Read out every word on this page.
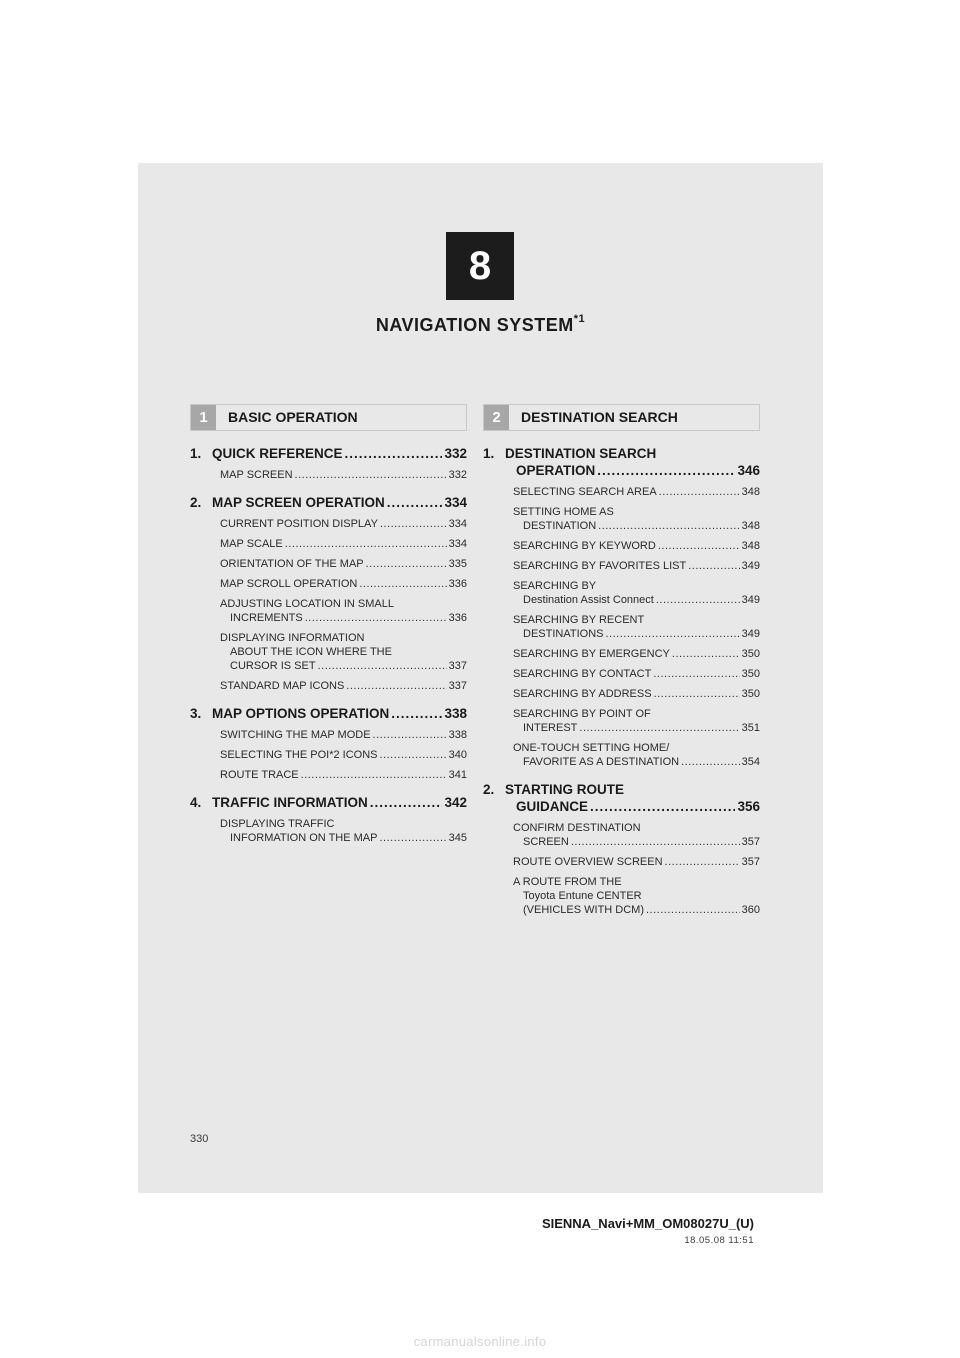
8
NAVIGATION SYSTEM$^{*1}$
1	BASIC OPERATION
1. QUICK REFERENCE .....	332
MAP SCREEN .....	332
2. MAP SCREEN OPERATION .....	334
CURRENT POSITION DISPLAY .....	334
MAP SCALE .....	334
ORIENTATION OF THE MAP .....	335
MAP SCROLL OPERATION .....	336
ADJUSTING LOCATION IN SMALL
INCREMENTS .....	336
DISPLAYING INFORMATION
ABOUT THE ICON WHERE THE
CURSOR IS SET .....	337
STANDARD MAP ICONS .....	337
3. MAP OPTIONS OPERATION .....	338
SWITCHING THE MAP MODE .....	338
SELECTING THE POI*2 ICONS .....	340
ROUTE TRACE .....	341
4. TRAFFIC INFORMATION .....	342
DISPLAYING TRAFFIC
INFORMATION ON THE MAP .....	345
2	DESTINATION SEARCH
1. DESTINATION SEARCH
OPERATION .....	346
SELECTING SEARCH AREA .....	348
SETTING HOME AS
DESTINATION .....	348
SEARCHING BY KEYWORD .....	348
SEARCHING BY FAVORITES LIST .....	349
SEARCHING BY
Destination Assist Connect .....	349
SEARCHING BY RECENT
DESTINATIONS .....	349
SEARCHING BY EMERGENCY .....	350
SEARCHING BY CONTACT .....	350
SEARCHING BY ADDRESS .....	350
SEARCHING BY POINT OF
INTEREST .....	351
ONE-TOUCH SETTING HOME/
FAVORITE AS A DESTINATION .....	354
2. STARTING ROUTE
GUIDANCE .....	356
CONFIRM DESTINATION
SCREEN .....	357
ROUTE OVERVIEW SCREEN .....	357
A ROUTE FROM THE
Toyota Entune CENTER
(VEHICLES WITH DCM) .....	360
330
SIENNA_Navi+MM_OM08027U_(U)
18.05.08 11:51
carmanualsonline.info
